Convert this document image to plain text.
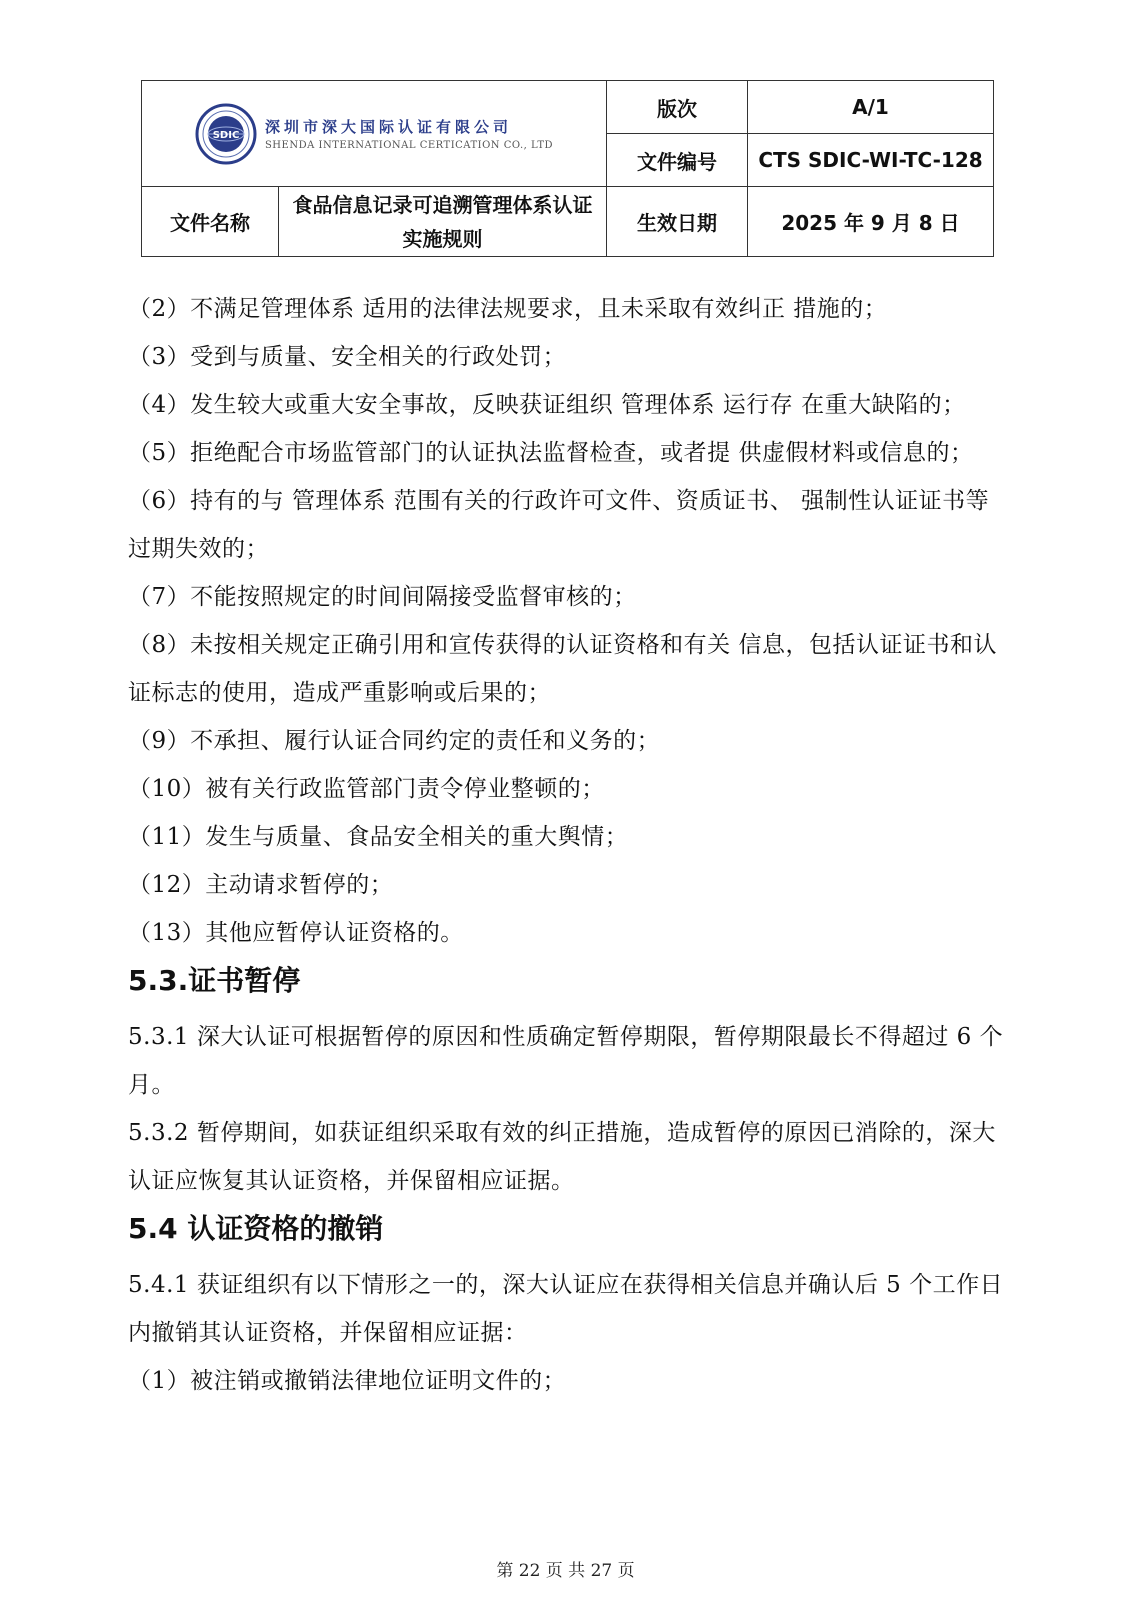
SDIC 深圳市深大国际认证有限公司
SHENDA INTERNATIONAL CERTICATION CO., LTD		版次	A/1
		文件编号	CTS SDIC-WI-TC-128
文件名称	食品信息记录可追溯管理体系认证实施规则	生效日期	2025 年 9 月 8 日

（2）不满足管理体系 适用的法律法规要求，且未采取有效纠正 措施的；

（3）受到与质量、安全相关的行政处罚；

（4）发生较大或重大安全事故，反映获证组织 管理体系 运行存 在重大缺陷的；

（5）拒绝配合市场监管部门的认证执法监督检查，或者提 供虚假材料或信息的；

（6）持有的与 管理体系 范围有关的行政许可文件、资质证书、 强制性认证证书等过期失效的；

（7）不能按照规定的时间间隔接受监督审核的；

（8）未按相关规定正确引用和宣传获得的认证资格和有关 信息，包括认证证书和认证标志的使用，造成严重影响或后果的；

（9）不承担、履行认证合同约定的责任和义务的；

（10）被有关行政监管部门责令停业整顿的；

（11）发生与质量、食品安全相关的重大舆情；

（12）主动请求暂停的；

（13）其他应暂停认证资格的。

5.3.证书暂停

5.3.1 深大认证可根据暂停的原因和性质确定暂停期限，暂停期限最长不得超过 6 个月。

5.3.2 暂停期间，如获证组织采取有效的纠正措施，造成暂停的原因已消除的，深大认证应恢复其认证资格，并保留相应证据。

5.4 认证资格的撤销

5.4.1 获证组织有以下情形之一的，深大认证应在获得相关信息并确认后 5 个工作日内撤销其认证资格，并保留相应证据：

（1）被注销或撤销法律地位证明文件的；

第 22 页 共 27 页
